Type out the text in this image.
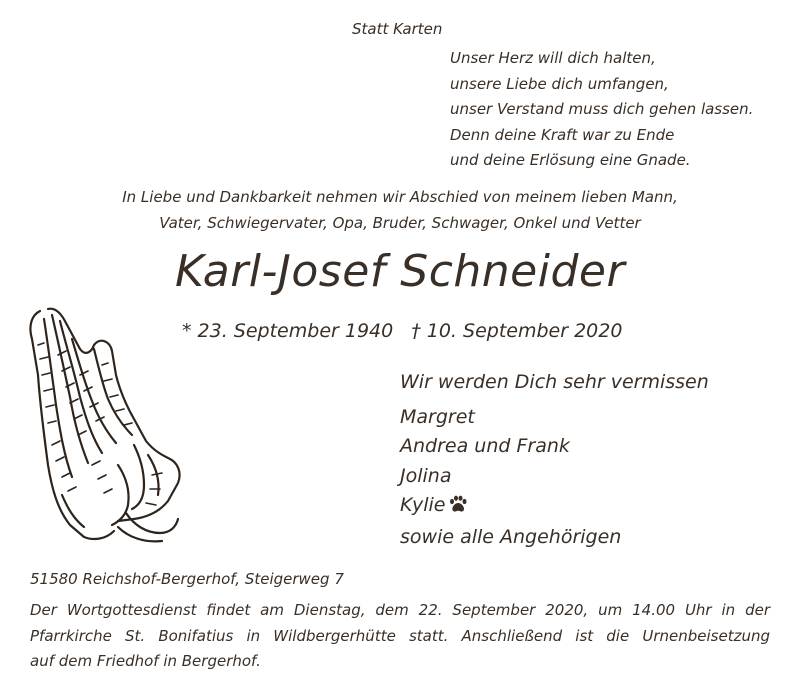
Statt Karten
Unser Herz will dich halten,
unsere Liebe dich umfangen,
unser Verstand muss dich gehen lassen.
Denn deine Kraft war zu Ende
und deine Erlösung eine Gnade.
In Liebe und Dankbarkeit nehmen wir Abschied von meinem lieben Mann,
Vater, Schwiegervater, Opa, Bruder, Schwager, Onkel und Vetter
Karl-Josef Schneider
* 23. September 1940 † 10. September 2020
Wir werden Dich sehr vermissen
Margret
Andrea und Frank
Jolina
Kylie
sowie alle Angehörigen
51580 Reichshof-Bergerhof, Steigerweg 7
Der Wortgottesdienst findet am Dienstag, dem 22. September 2020, um 14.00 Uhr in der
Pfarrkirche St. Bonifatius in Wildbergerhütte statt. Anschließend ist die Urnenbeisetzung
auf dem Friedhof in Bergerhof.
